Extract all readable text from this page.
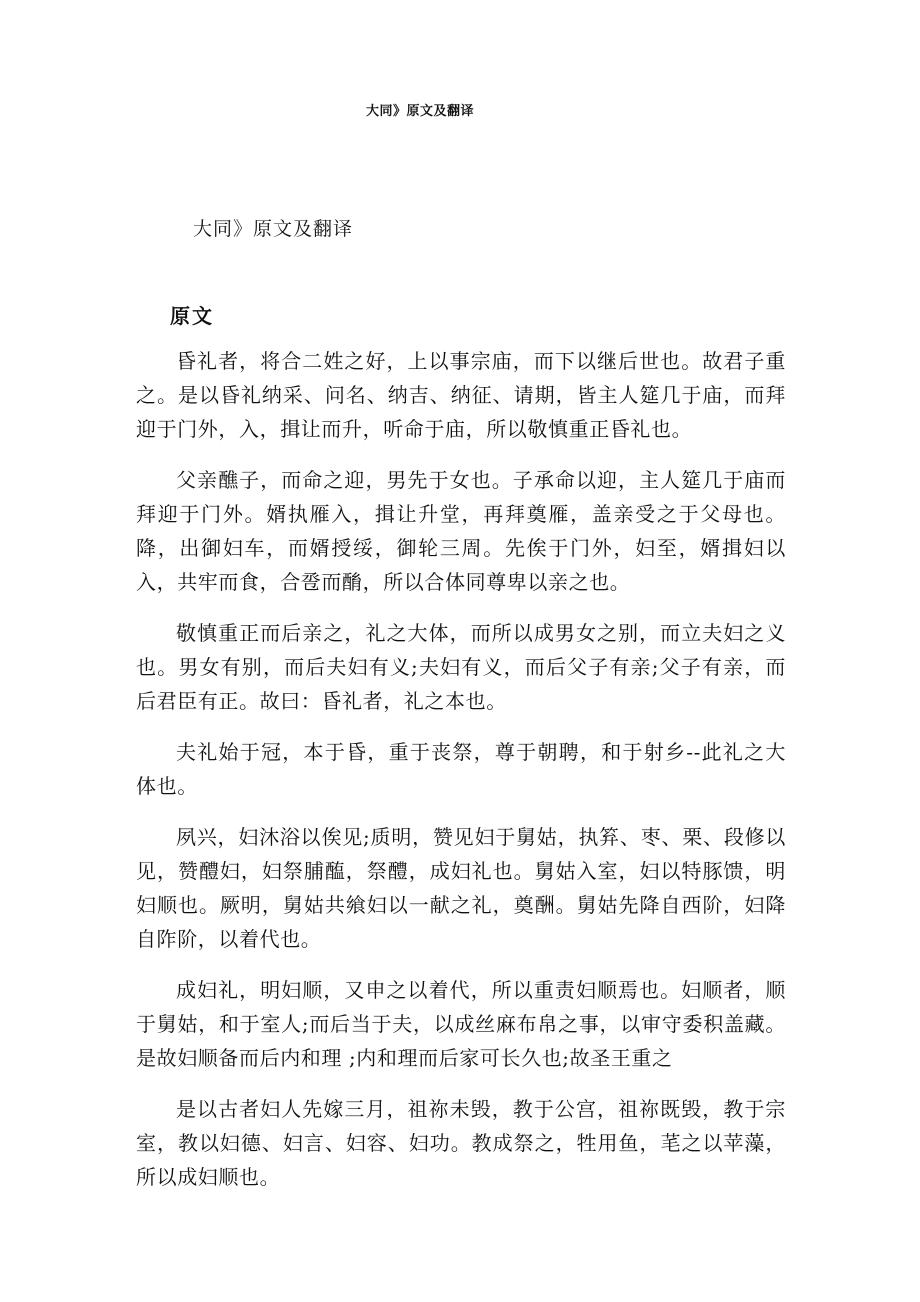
大同》原文及翻译
大同》原文及翻译
原文

昏礼者，将合二姓之好，上以事宗庙，而下以继后世也。故君子重之。是以昏礼纳采、问名、纳吉、纳征、请期，皆主人筵几于庙，而拜迎于门外，入，揖让而升，听命于庙，所以敬慎重正昏礼也。

父亲醮子，而命之迎，男先于女也。子承命以迎，主人筵几于庙而拜迎于门外。婿执雁入，揖让升堂，再拜奠雁，盖亲受之于父母也。降，出御妇车，而婿授绥，御轮三周。先俟于门外，妇至，婿揖妇以入，共牢而食，合卺而酳，所以合体同尊卑以亲之也。

敬慎重正而后亲之，礼之大体，而所以成男女之别，而立夫妇之义也。男女有别，而后夫妇有义;夫妇有义，而后父子有亲;父子有亲，而后君臣有正。故曰：昏礼者，礼之本也。

夫礼始于冠，本于昏，重于丧祭，尊于朝聘，和于射乡--此礼之大体也。

夙兴，妇沐浴以俟见;质明，赞见妇于舅姑，执笲、枣、栗、段修以见，赞醴妇，妇祭脯醢，祭醴，成妇礼也。舅姑入室，妇以特豚馈，明妇顺也。厥明，舅姑共飨妇以一献之礼，奠酬。舅姑先降自西阶，妇降自阼阶，以着代也。

成妇礼，明妇顺，又申之以着代，所以重责妇顺焉也。妇顺者，顺于舅姑，和于室人;而后当于夫，以成丝麻布帛之事，以审守委积盖藏。是故妇顺备而后内和理 ;内和理而后家可长久也;故圣王重之

是以古者妇人先嫁三月，祖祢未毁，教于公宫，祖祢既毁，教于宗室，教以妇德、妇言、妇容、妇功。教成祭之，牲用鱼，芼之以苹藻，所以成妇顺也。
